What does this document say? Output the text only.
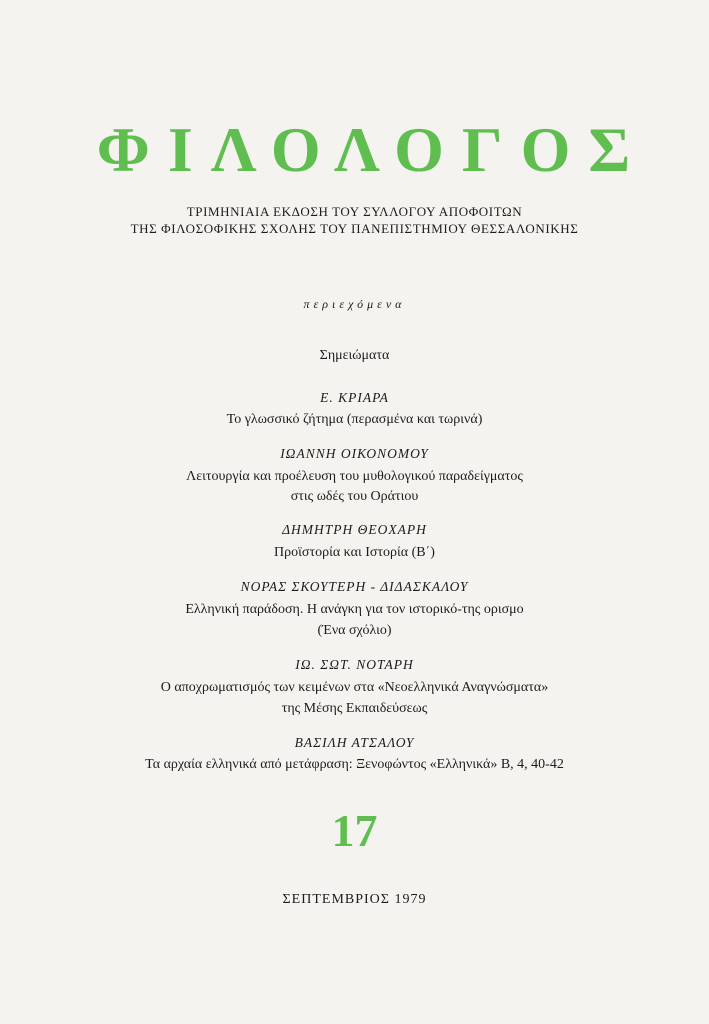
ΦΙΛΟΛΟΓΟΣ
ΤΡΙΜΗΝΙΑΙΑ ΕΚΔΟΣΗ ΤΟΥ ΣΥΛΛΟΓΟΥ ΑΠΟΦΟΙΤΩΝ
ΤΗΣ ΦΙΛΟΣΟΦΙΚΗΣ ΣΧΟΛΗΣ ΤΟΥ ΠΑΝΕΠΙΣΤΗΜΙΟΥ ΘΕΣΣΑΛΟΝΙΚΗΣ
περιεχόμενα
Σημειώματα
Ε. ΚΡΙΑΡΑ
Το γλωσσικό ζήτημα (περασμένα και τωρινά)
ΙΩΑΝΝΗ ΟΙΚΟΝΟΜΟΥ
Λειτουργία και προέλευση του μυθολογικού παραδείγματος
στις ωδές του Οράτιου
ΔΗΜΗΤΡΗ ΘΕΟΧΑΡΗ
Προϊστορία και Ιστορία (Β΄)
ΝΟΡΑΣ ΣΚΟΥΤΕΡΗ - ΔΙΔΑΣΚΑΛΟΥ
Ελληνική παράδοση. Η ανάγκη για τον ιστορικό-της ορισμο
(Ένα σχόλιο)
ΙΩ. ΣΩΤ. ΝΟΤΑΡΗ
Ο αποχρωματισμός των κειμένων στα «Νεοελληνικά Αναγνώσματα»
της Μέσης Εκπαιδεύσεως
ΒΑΣΙΛΗ ΑΤΣΑΛΟΥ
Τα αρχαία ελληνικά από μετάφραση: Ξενοφώντος «Ελληνικά» Β, 4, 40-42
17
ΣΕΠΤΕΜΒΡΙΟΣ 1979
